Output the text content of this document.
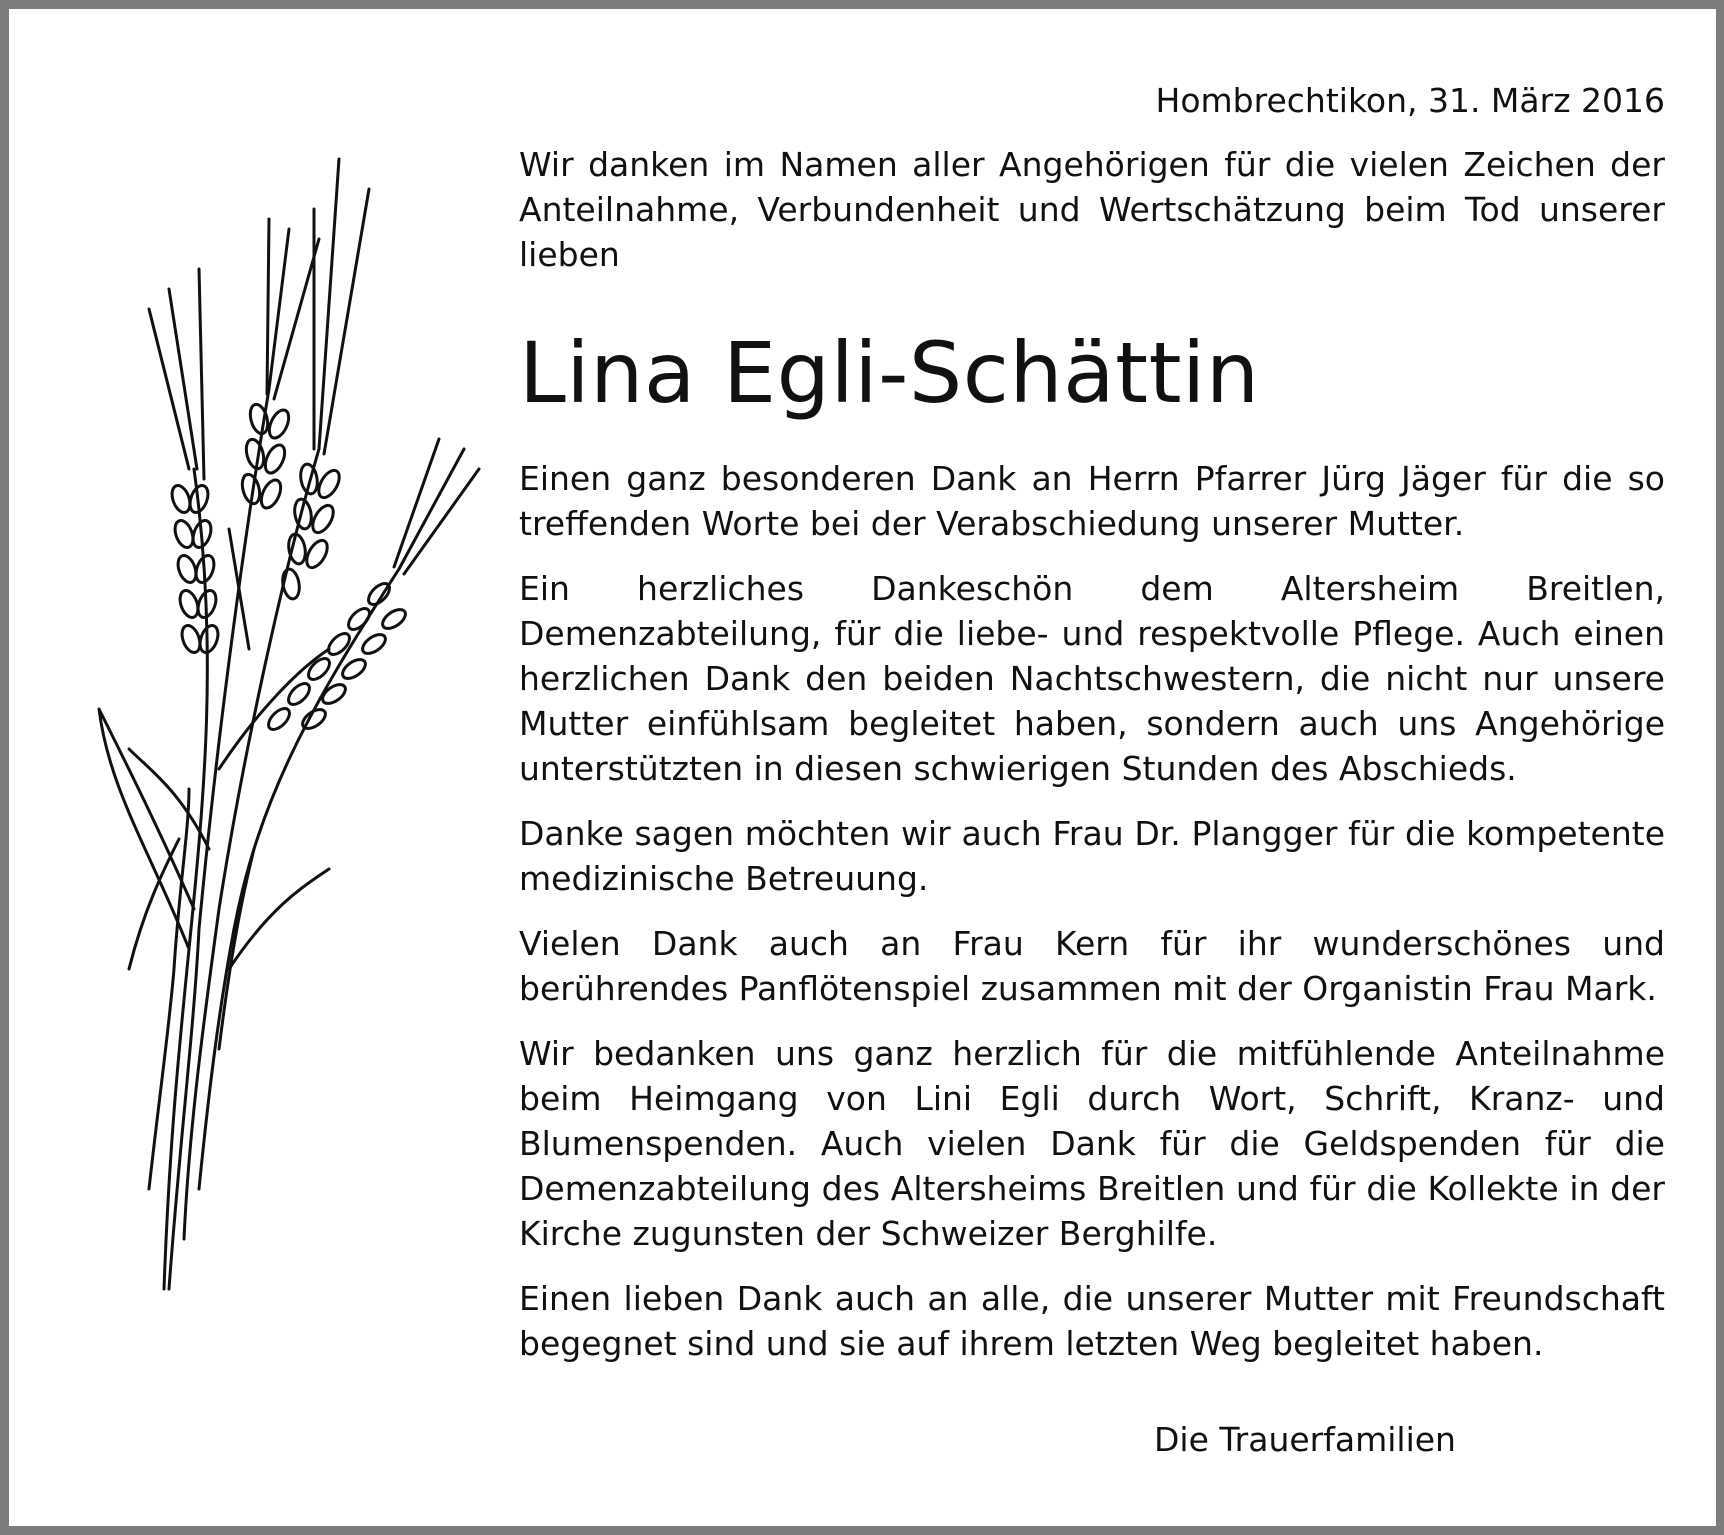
Hombrechtikon, 31. März 2016

Wir danken im Namen aller Angehörigen für die vielen Zeichen der Anteilnahme, Verbundenheit und Wertschätzung beim Tod unserer lieben

Lina Egli-Schättin

Einen ganz besonderen Dank an Herrn Pfarrer Jürg Jäger für die so treffenden Worte bei der Verabschiedung unserer Mutter.

Ein herzliches Dankeschön dem Altersheim Breitlen, Demenzabteilung, für die liebe- und respektvolle Pflege. Auch einen herzlichen Dank den beiden Nachtschwestern, die nicht nur unsere Mutter einfühlsam begleitet haben, sondern auch uns Angehörige unterstützten in diesen schwierigen Stunden des Abschieds.

Danke sagen möchten wir auch Frau Dr. Plangger für die kompetente medizinische Betreuung.

Vielen Dank auch an Frau Kern für ihr wunderschönes und berührendes Panflötenspiel zusammen mit der Organistin Frau Mark.

Wir bedanken uns ganz herzlich für die mitfühlende Anteilnahme beim Heimgang von Lini Egli durch Wort, Schrift, Kranz- und Blumenspenden. Auch vielen Dank für die Geldspenden für die Demenzabteilung des Altersheims Breitlen und für die Kollekte in der Kirche zugunsten der Schweizer Berghilfe.

Einen lieben Dank auch an alle, die unserer Mutter mit Freundschaft begegnet sind und sie auf ihrem letzten Weg begleitet haben.

Die Trauerfamilien
